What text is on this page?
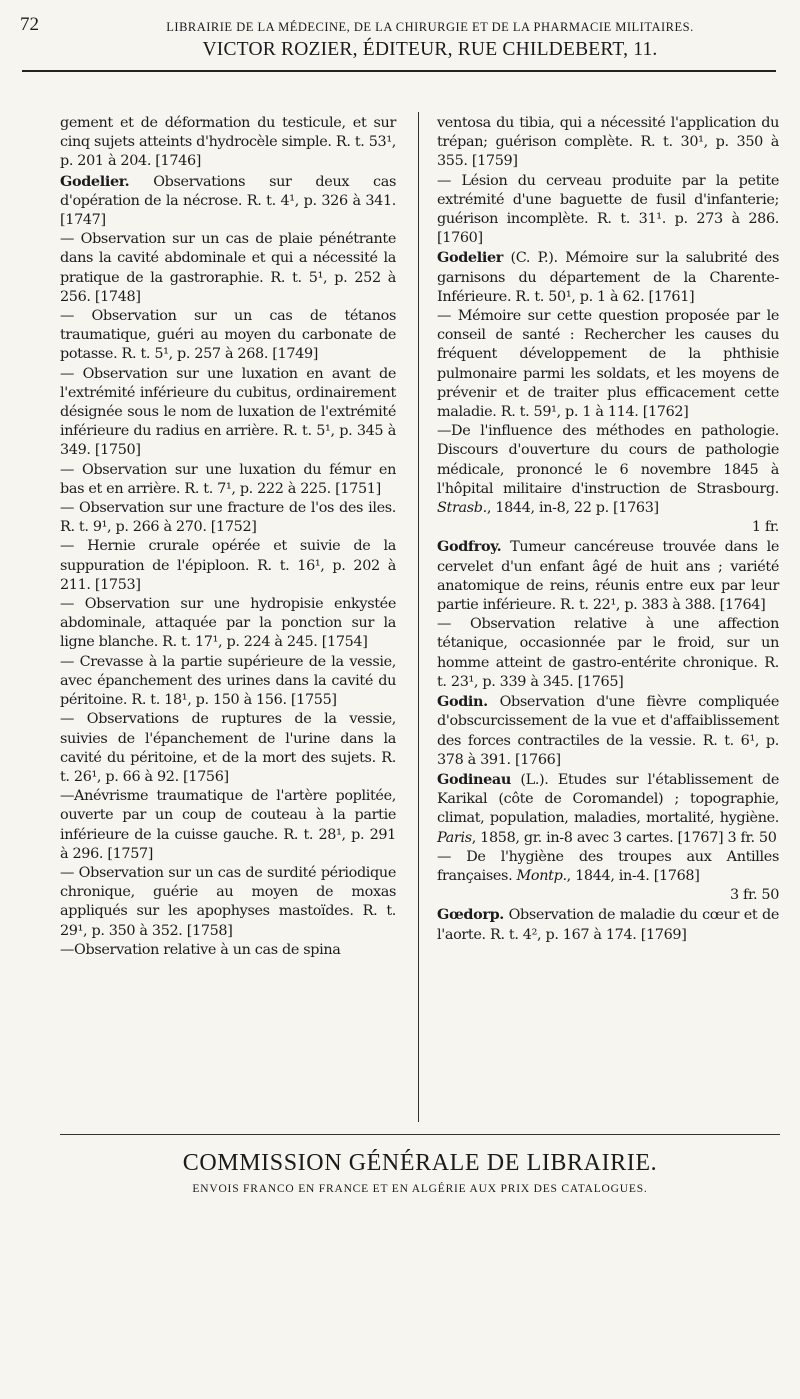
72	LIBRAIRIE DE LA MÉDECINE, DE LA CHIRURGIE ET DE LA PHARMACIE MILITAIRES.
VICTOR ROZIER, ÉDITEUR, RUE CHILDEBERT, 11.
gement et de déformation du testicule, et sur cinq sujets atteints d'hydrocèle simple. R. t. 53¹, p. 201 à 204. [1746]
Godelier. Observations sur deux cas d'opération de la nécrose. R. t. 4¹, p. 326 à 341. [1747]
— Observation sur un cas de plaie pénétrante dans la cavité abdominale et qui a nécessité la pratique de la gastroraphie. R. t. 5¹, p. 252 à 256. [1748]
— Observation sur un cas de tétanos traumatique, guéri au moyen du carbonate de potasse. R. t. 5¹, p. 257 à 268. [1749]
— Observation sur une luxation en avant de l'extrémité inférieure du cubitus, ordinairement désignée sous le nom de luxation de l'extrémité inférieure du radius en arrière. R. t. 5¹, p. 345 à 349. [1750]
— Observation sur une luxation du fémur en bas et en arrière. R. t. 7¹, p. 222 à 225. [1751]
— Observation sur une fracture de l'os des iles. R. t. 9¹, p. 266 à 270. [1752]
— Hernie crurale opérée et suivie de la suppuration de l'épiploon. R. t. 16¹, p. 202 à 211. [1753]
— Observation sur une hydropisie enkystée abdominale, attaquée par la ponction sur la ligne blanche. R. t. 17¹, p. 224 à 245. [1754]
— Crevasse à la partie supérieure de la vessie, avec épanchement des urines dans la cavité du péritoine. R. t. 18¹, p. 150 à 156. [1755]
— Observations de ruptures de la vessie, suivies de l'épanchement de l'urine dans la cavité du péritoine, et de la mort des sujets. R. t. 26¹, p. 66 à 92. [1756]
—Anévrisme traumatique de l'artère poplitée, ouverte par un coup de couteau à la partie inférieure de la cuisse gauche. R. t. 28¹, p. 291 à 296. [1757]
— Observation sur un cas de surdité périodique chronique, guérie au moyen de moxas appliqués sur les apophyses mastoïdes. R. t. 29¹, p. 350 à 352. [1758]
—Observation relative à un cas de spina
ventosa du tibia, qui a nécessité l'application du trépan; guérison complète. R. t. 30¹, p. 350 à 355. [1759]
— Lésion du cerveau produite par la petite extrémité d'une baguette de fusil d'infanterie; guérison incomplète. R. t. 31¹. p. 273 à 286. [1760]
Godelier (C. P.). Mémoire sur la salubrité des garnisons du département de la Charente-Inférieure. R. t. 50¹, p. 1 à 62. [1761]
— Mémoire sur cette question proposée par le conseil de santé : Rechercher les causes du fréquent développement de la phthisie pulmonaire parmi les soldats, et les moyens de prévenir et de traiter plus efficacement cette maladie. R. t. 59¹, p. 1 à 114. [1762]
—De l'influence des méthodes en pathologie. Discours d'ouverture du cours de pathologie médicale, prononcé le 6 novembre 1845 à l'hôpital militaire d'instruction de Strasbourg. Strasb., 1844, in-8, 22 p. [1763]
1 fr.
Godfroy. Tumeur cancéreuse trouvée dans le cervelet d'un enfant âgé de huit ans ; variété anatomique de reins, réunis entre eux par leur partie inférieure. R. t. 22¹, p. 383 à 388. [1764]
— Observation relative à une affection tétanique, occasionnée par le froid, sur un homme atteint de gastro-entérite chronique. R. t. 23¹, p. 339 à 345. [1765]
Godin. Observation d'une fièvre compliquée d'obscurcissement de la vue et d'affaiblissement des forces contractiles de la vessie. R. t. 6¹, p. 378 à 391. [1766]
Godineau (L.). Etudes sur l'établissement de Karikal (côte de Coromandel) ; topographie, climat, population, maladies, mortalité, hygiène. Paris, 1858, gr. in-8 avec 3 cartes. [1767] 3 fr. 50
— De l'hygiène des troupes aux Antilles françaises. Montp., 1844, in-4. [1768]
3 fr. 50
Gœdorp. Observation de maladie du cœur et de l'aorte. R. t. 4², p. 167 à 174. [1769]
COMMISSION GÉNÉRALE DE LIBRAIRIE.
ENVOIS FRANCO EN FRANCE ET EN ALGÉRIE AUX PRIX DES CATALOGUES.
